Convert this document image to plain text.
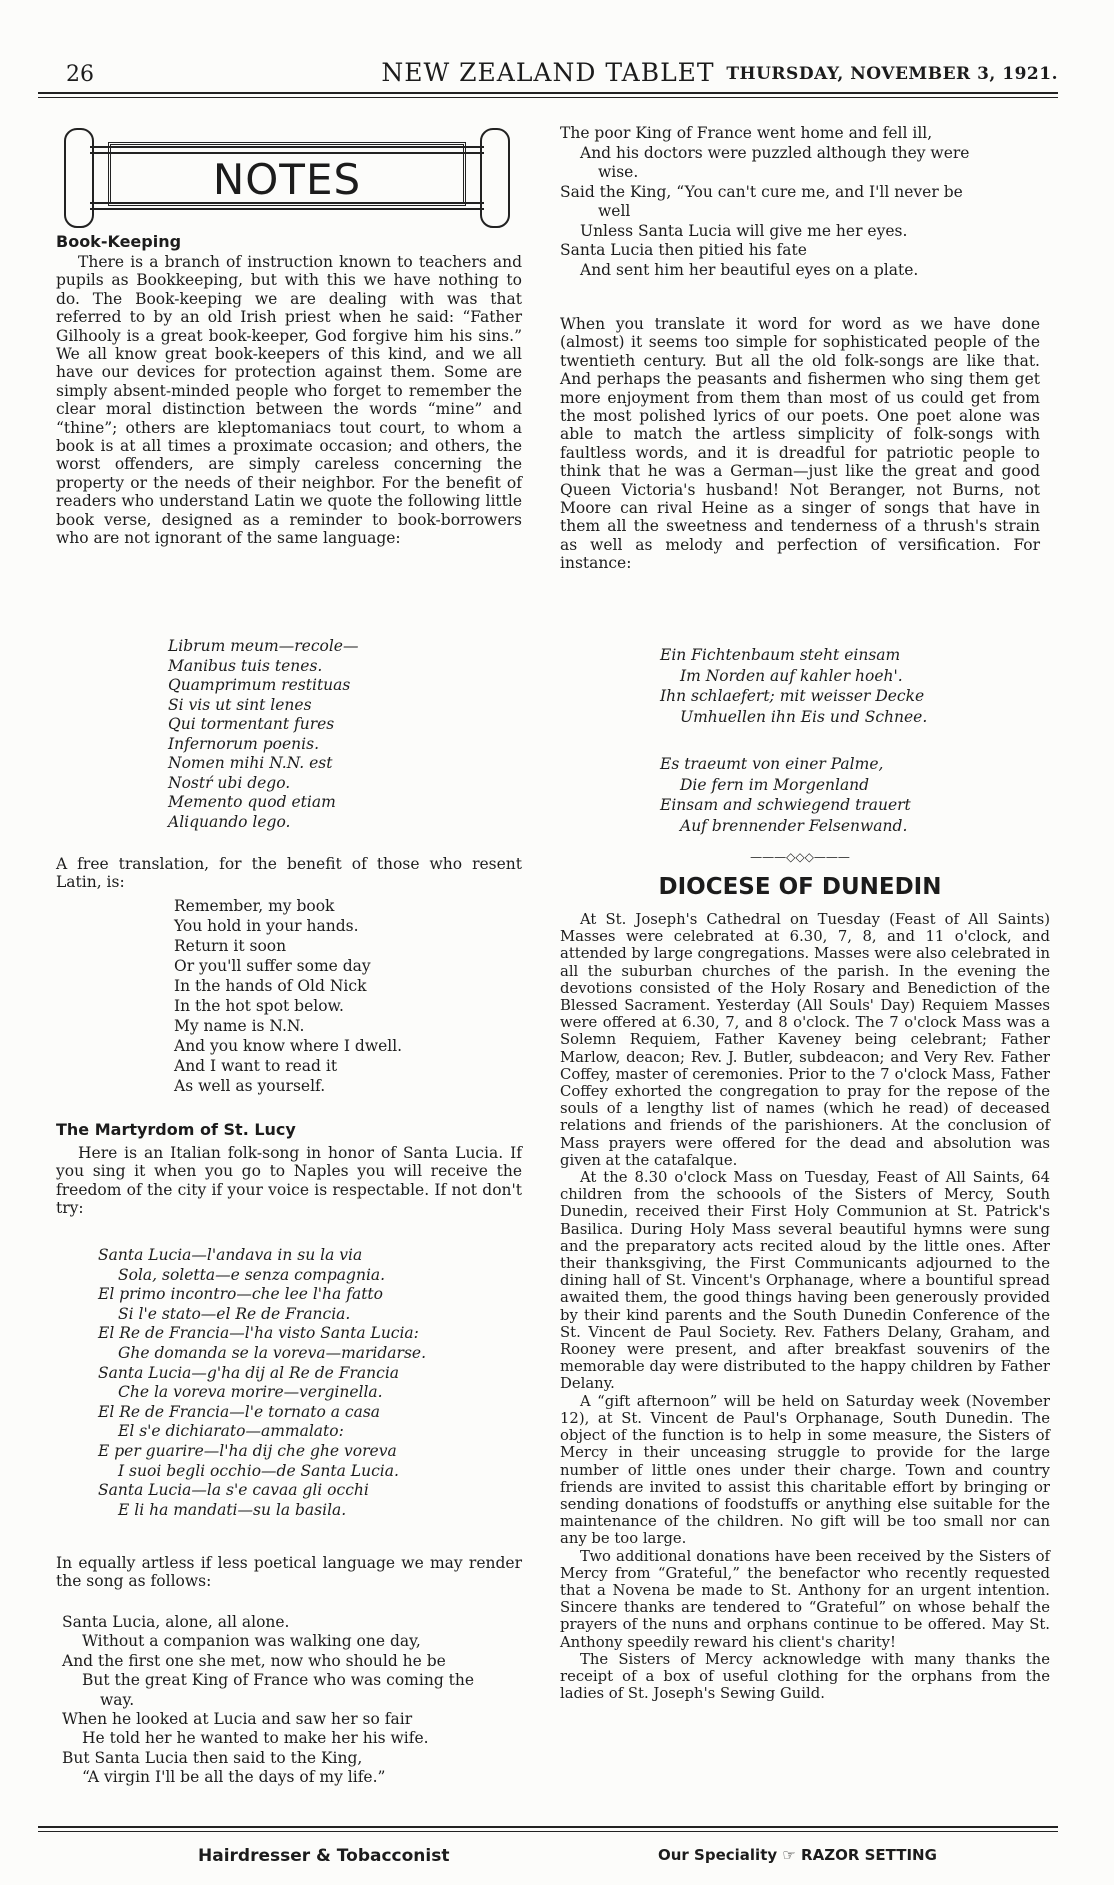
26	NEW ZEALAND TABLET THURSDAY, NOVEMBER 3, 1921.
NOTES
Book-Keeping

There is a branch of instruction known to teachers and pupils as Bookkeeping, but with this we have nothing to do. The Book-keeping we are dealing with was that referred to by an old Irish priest when he said: “Father Gilhooly is a great book-keeper, God forgive him his sins.” We all know great book-keepers of this kind, and we all have our devices for protection against them. Some are simply absent-minded people who forget to remember the clear moral distinction between the words “mine” and “thine”; others are kleptomaniacs tout court, to whom a book is at all times a proximate occasion; and others, the worst offenders, are simply careless concerning the property or the needs of their neighbor. For the benefit of readers who understand Latin we quote the following little book verse, designed as a reminder to book-borrowers who are not ignorant of the same language:

Librum meum—recole—
Manibus tuis tenes.
Quamprimum restituas
Si vis ut sint lenes
Qui tormentant fures
Infernorum poenis.
Nomen mihi N.N. est
Nostŕ ubi dego.
Memento quod etiam
Aliquando lego.

A free translation, for the benefit of those who resent Latin, is:

Remember, my book
You hold in your hands.
Return it soon
Or you'll suffer some day
In the hands of Old Nick
In the hot spot below.
My name is N.N.
And you know where I dwell.
And I want to read it
As well as yourself.
The Martyrdom of St. Lucy

Here is an Italian folk-song in honor of Santa Lucia. If you sing it when you go to Naples you will receive the freedom of the city if your voice is respectable. If not don't try:

Santa Lucia—l'andava in su la via
Sola, soletta—e senza compagnia.
El primo incontro—che lee l'ha fatto
Si l'e stato—el Re de Francia.
El Re de Francia—l'ha visto Santa Lucia:
Ghe domanda se la voreva—maridarse.
Santa Lucia—g'ha dij al Re de Francia
Che la voreva morire—verginella.
El Re de Francia—l'e tornato a casa
El s'e dichiarato—ammalato:
E per guarire—l'ha dij che ghe voreva
I suoi begli occhio—de Santa Lucia.
Santa Lucia—la s'e cavaa gli occhi
E li ha mandati—su la basila.

In equally artless if less poetical language we may render the song as follows:

Santa Lucia, alone, all alone.
Without a companion was walking one day,
And the first one she met, now who should he be
But the great King of France who was coming the
way.
When he looked at Lucia and saw her so fair
He told her he wanted to make her his wife.
But Santa Lucia then said to the King,
“A virgin I'll be all the days of my life.”
The poor King of France went home and fell ill,
And his doctors were puzzled although they were
wise.
Said the King, “You can't cure me, and I'll never be
well
Unless Santa Lucia will give me her eyes.
Santa Lucia then pitied his fate
And sent him her beautiful eyes on a plate.

When you translate it word for word as we have done (almost) it seems too simple for sophisticated people of the twentieth century. But all the old folk-songs are like that. And perhaps the peasants and fishermen who sing them get more enjoyment from them than most of us could get from the most polished lyrics of our poets. One poet alone was able to match the artless simplicity of folk-songs with faultless words, and it is dreadful for patriotic people to think that he was a German—just like the great and good Queen Victoria's husband! Not Beranger, not Burns, not Moore can rival Heine as a singer of songs that have in them all the sweetness and tenderness of a thrush's strain as well as melody and perfection of versification. For instance:

Ein Fichtenbaum steht einsam
Im Norden auf kahler hoeh'.
Ihn schlaefert; mit weisser Decke
Umhuellen ihn Eis und Schnee.
Es traeumt von einer Palme,
Die fern im Morgenland
Einsam and schwiegend trauert
Auf brennender Felsenwand.
———◇◇◇———
DIOCESE OF DUNEDIN

At St. Joseph's Cathedral on Tuesday (Feast of All Saints) Masses were celebrated at 6.30, 7, 8, and 11 o'clock, and attended by large congregations. Masses were also celebrated in all the suburban churches of the parish. In the evening the devotions consisted of the Holy Rosary and Benediction of the Blessed Sacrament. Yesterday (All Souls' Day) Requiem Masses were offered at 6.30, 7, and 8 o'clock. The 7 o'clock Mass was a Solemn Requiem, Father Kaveney being celebrant; Father Marlow, deacon; Rev. J. Butler, subdeacon; and Very Rev. Father Coffey, master of ceremonies. Prior to the 7 o'clock Mass, Father Coffey exhorted the congregation to pray for the repose of the souls of a lengthy list of names (which he read) of deceased relations and friends of the parishioners. At the conclusion of Mass prayers were offered for the dead and absolution was given at the catafalque.

At the 8.30 o'clock Mass on Tuesday, Feast of All Saints, 64 children from the schoools of the Sisters of Mercy, South Dunedin, received their First Holy Communion at St. Patrick's Basilica. During Holy Mass several beautiful hymns were sung and the preparatory acts recited aloud by the little ones. After their thanksgiving, the First Communicants adjourned to the dining hall of St. Vincent's Orphanage, where a bountiful spread awaited them, the good things having been generously provided by their kind parents and the South Dunedin Conference of the St. Vincent de Paul Society. Rev. Fathers Delany, Graham, and Rooney were present, and after breakfast souvenirs of the memorable day were distributed to the happy children by Father Delany.

A “gift afternoon” will be held on Saturday week (November 12), at St. Vincent de Paul's Orphanage, South Dunedin. The object of the function is to help in some measure, the Sisters of Mercy in their unceasing struggle to provide for the large number of little ones under their charge. Town and country friends are invited to assist this charitable effort by bringing or sending donations of foodstuffs or anything else suitable for the maintenance of the children. No gift will be too small nor can any be too large.

Two additional donations have been received by the Sisters of Mercy from “Grateful,” the benefactor who recently requested that a Novena be made to St. Anthony for an urgent intention. Sincere thanks are tendered to “Grateful” on whose behalf the prayers of the nuns and orphans continue to be offered. May St. Anthony speedily reward his client's charity!

The Sisters of Mercy acknowledge with many thanks the receipt of a box of useful clothing for the orphans from the ladies of St. Joseph's Sewing Guild.

Hairdresser & Tobacconist	Our Speciality ☞ RAZOR SETTING
